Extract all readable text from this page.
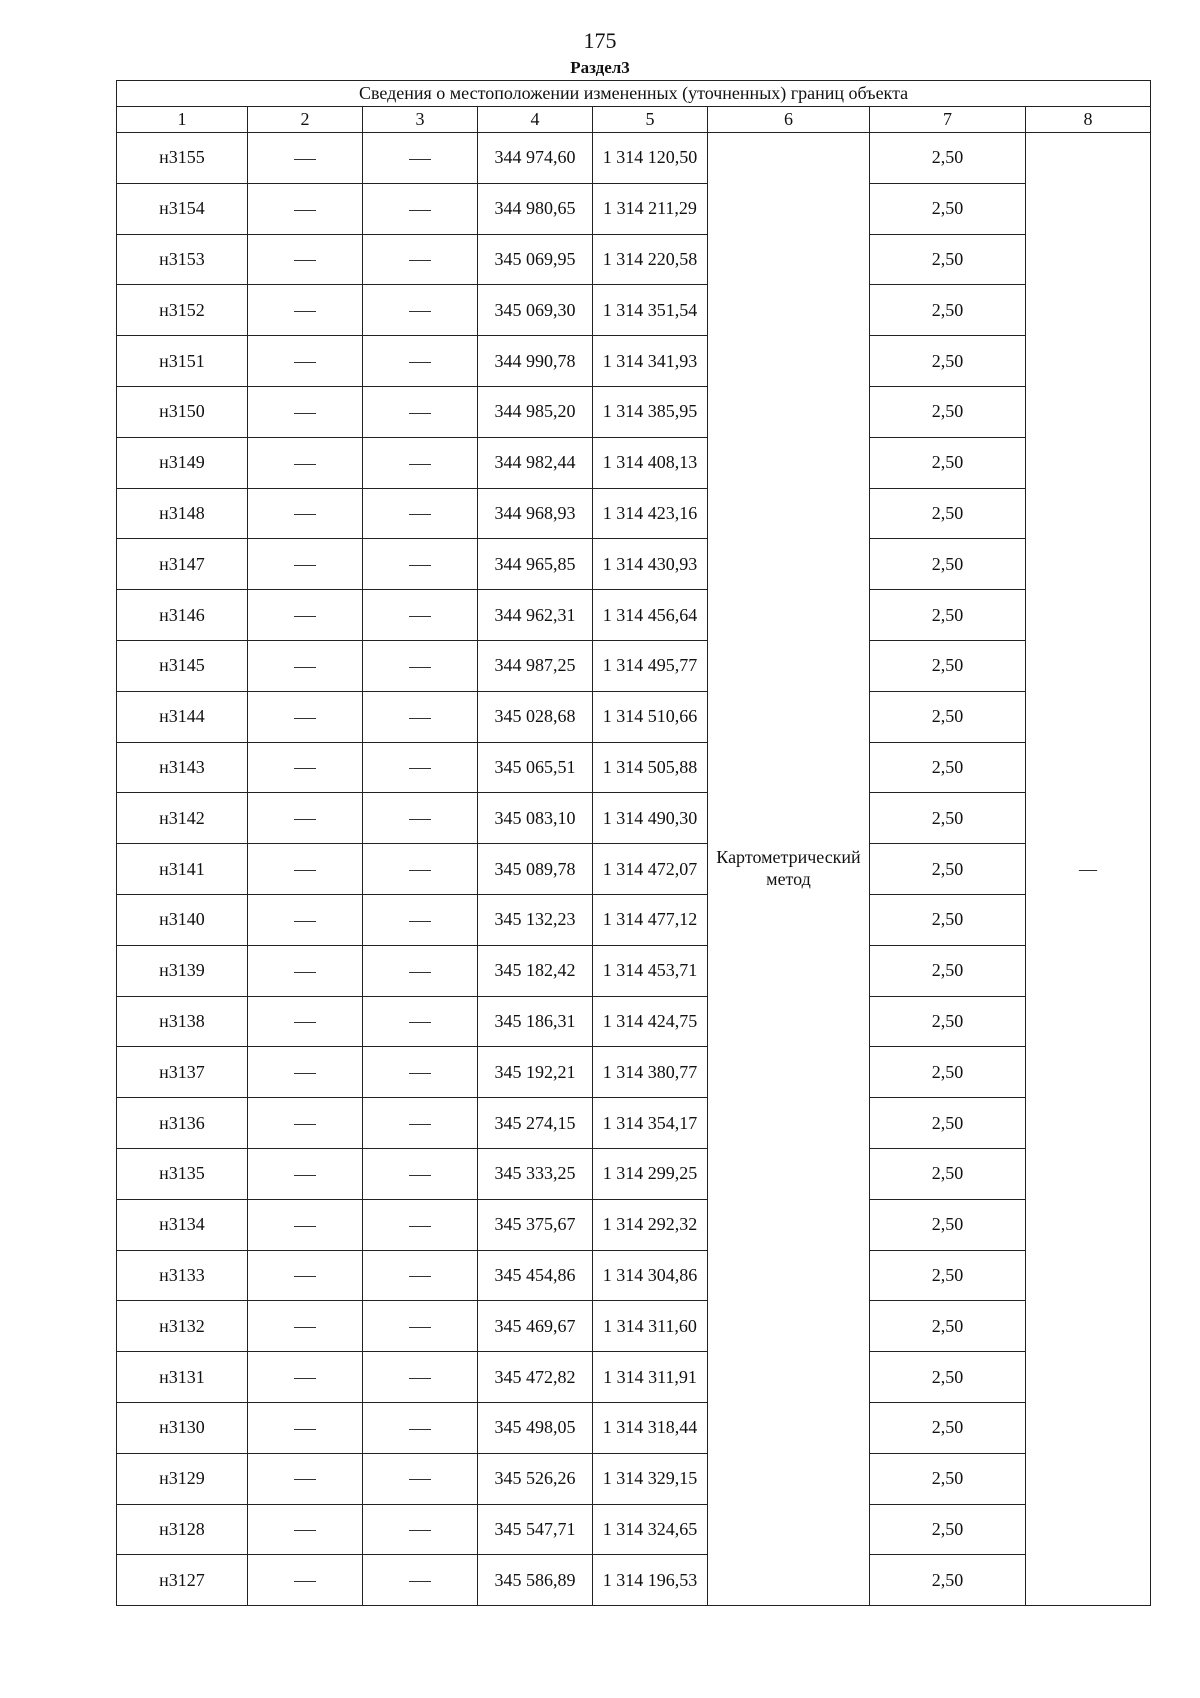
175
Раздел3
Сведения о местоположении измененных (уточненных) границ объекта							
1	2	3	4	5	6	7	8
н3155			344 974,60	1 314 120,50	Картометрический метод	2,50	—
н3154			344 980,65	1 314 211,29		2,50	
н3153			345 069,95	1 314 220,58		2,50	
н3152			345 069,30	1 314 351,54		2,50	
н3151			344 990,78	1 314 341,93		2,50	
н3150			344 985,20	1 314 385,95		2,50	
н3149			344 982,44	1 314 408,13		2,50	
н3148			344 968,93	1 314 423,16		2,50	
н3147			344 965,85	1 314 430,93		2,50	
н3146			344 962,31	1 314 456,64		2,50	
н3145			344 987,25	1 314 495,77		2,50	
н3144			345 028,68	1 314 510,66		2,50	
н3143			345 065,51	1 314 505,88		2,50	
н3142			345 083,10	1 314 490,30		2,50	
н3141			345 089,78	1 314 472,07		2,50	
н3140			345 132,23	1 314 477,12		2,50	
н3139			345 182,42	1 314 453,71		2,50	
н3138			345 186,31	1 314 424,75		2,50	
н3137			345 192,21	1 314 380,77		2,50	
н3136			345 274,15	1 314 354,17		2,50	
н3135			345 333,25	1 314 299,25		2,50	
н3134			345 375,67	1 314 292,32		2,50	
н3133			345 454,86	1 314 304,86		2,50	
н3132			345 469,67	1 314 311,60		2,50	
н3131			345 472,82	1 314 311,91		2,50	
н3130			345 498,05	1 314 318,44		2,50	
н3129			345 526,26	1 314 329,15		2,50	
н3128			345 547,71	1 314 324,65		2,50	
н3127			345 586,89	1 314 196,53		2,50	
